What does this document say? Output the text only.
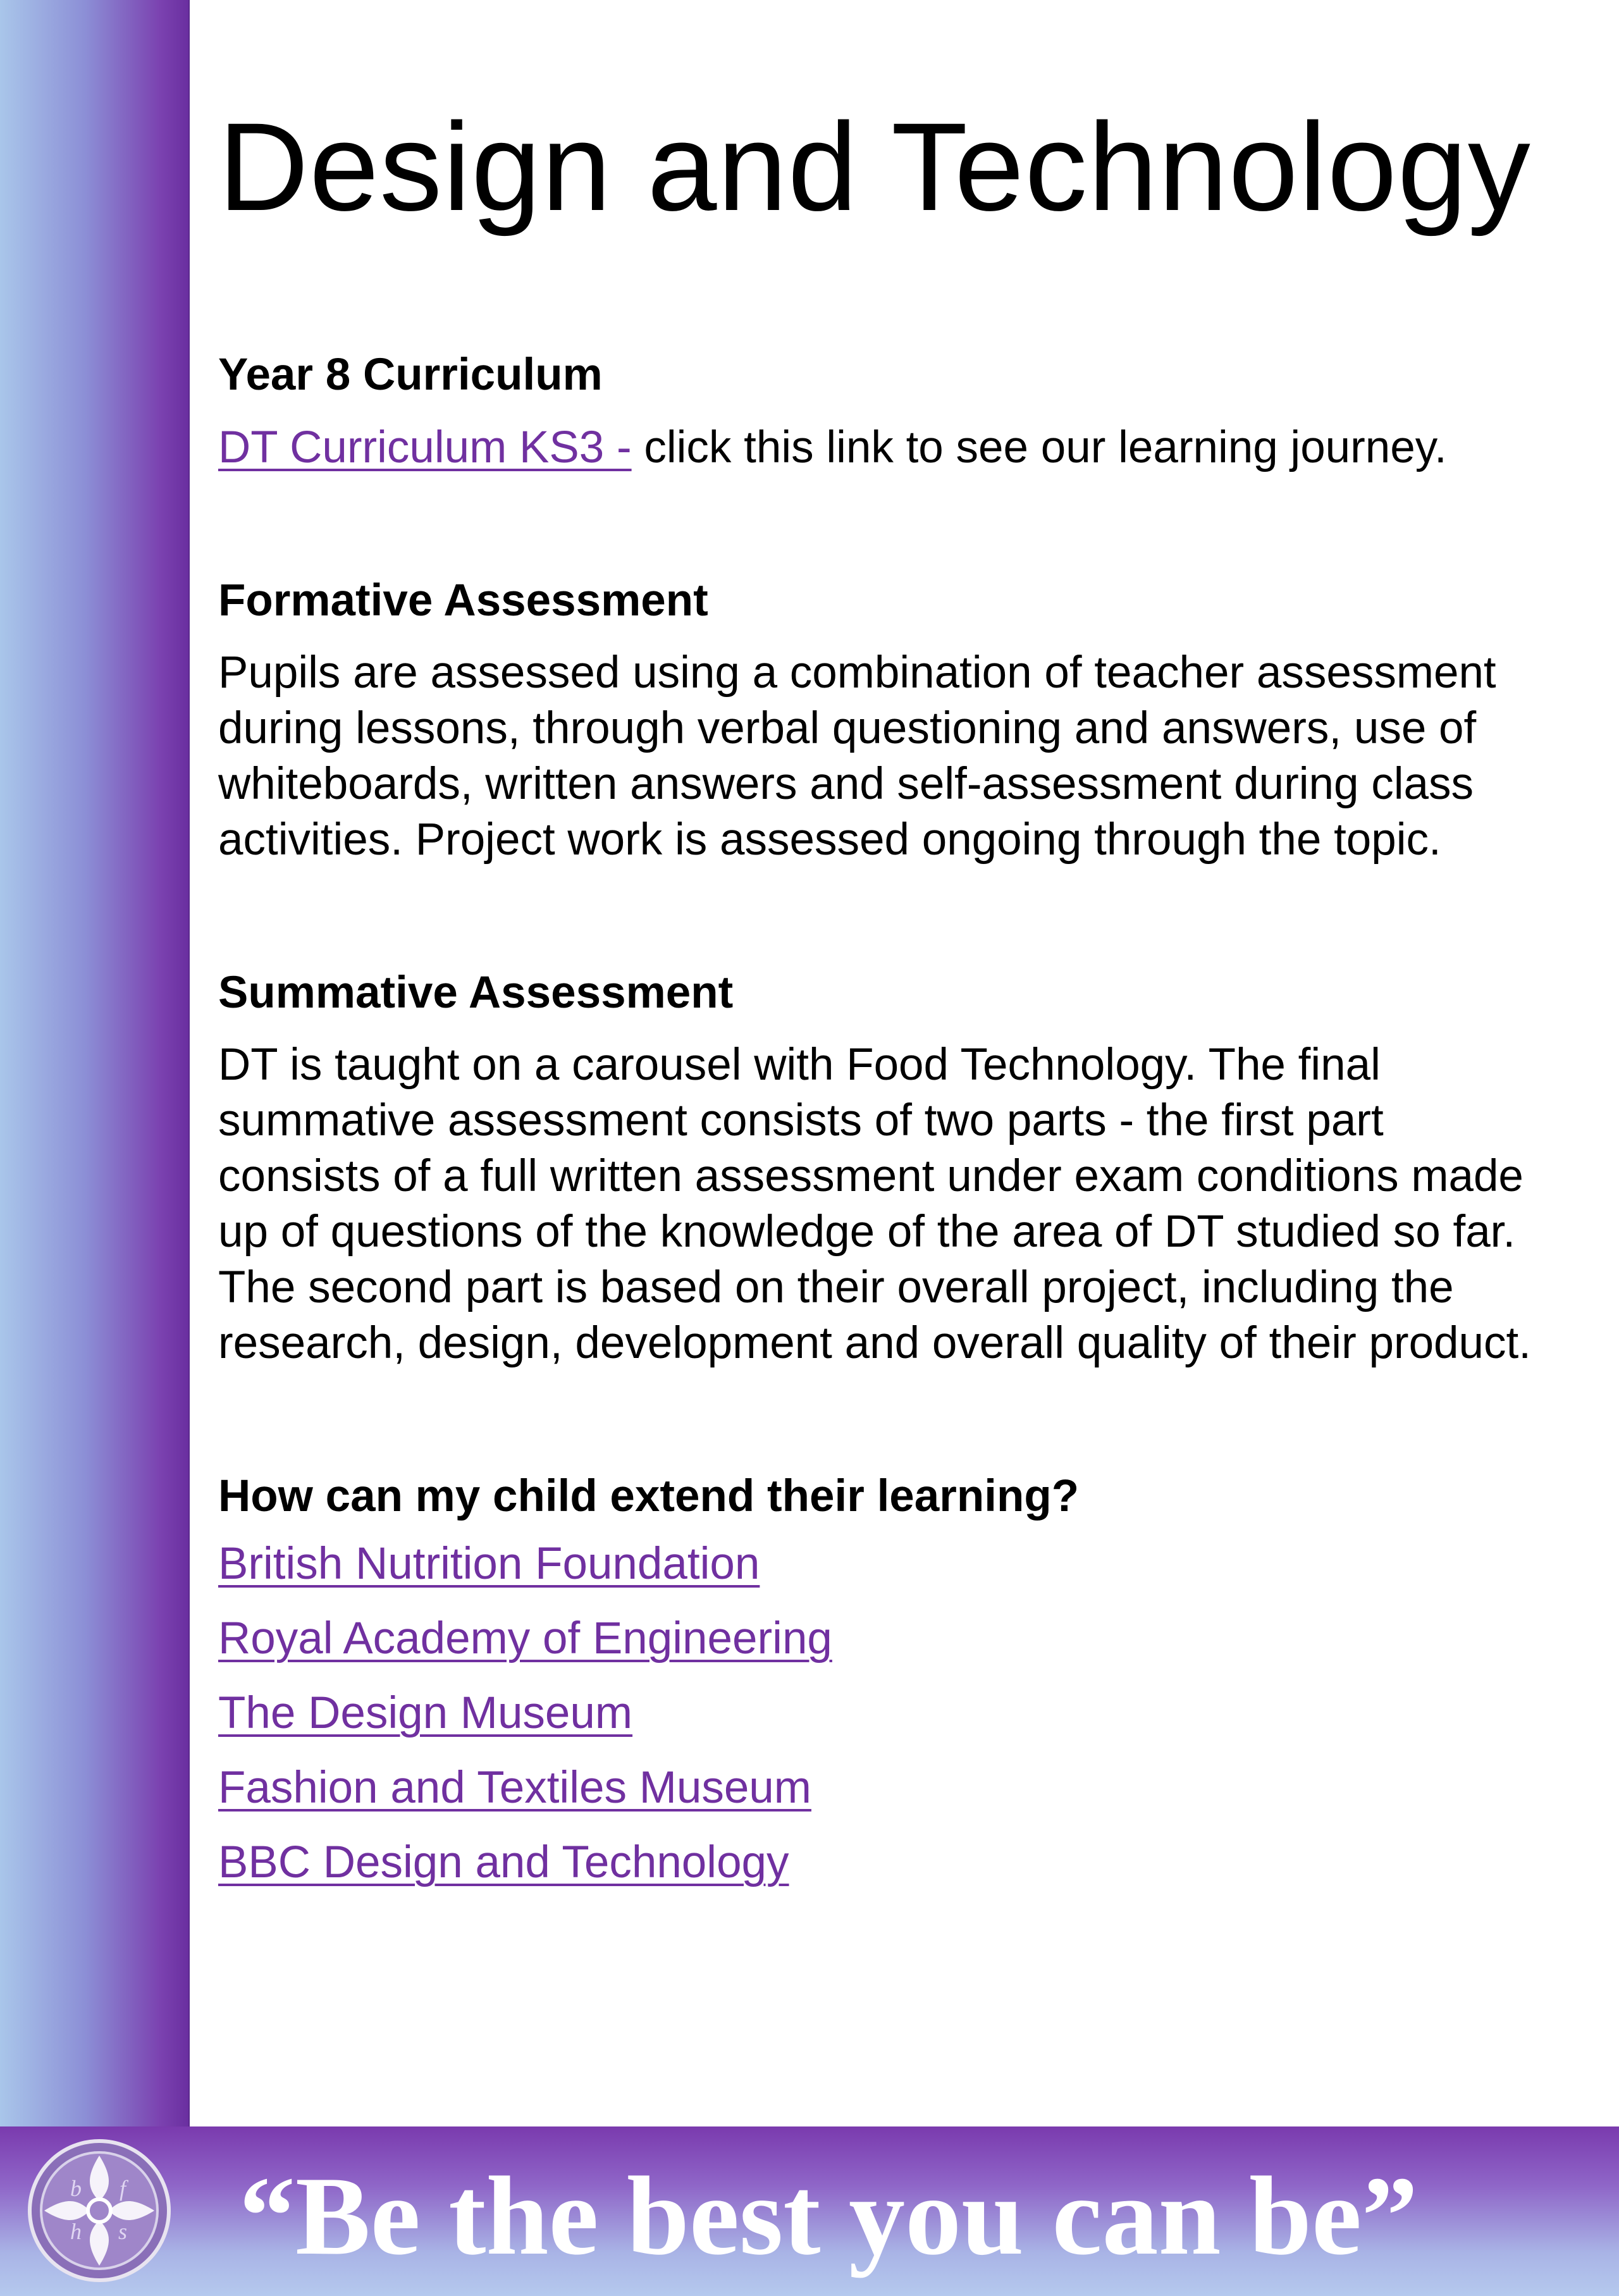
Design and Technology
Year 8 Curriculum
DT Curriculum KS3 - click this link to see our learning journey.
Formative Assessment

Pupils are assessed using a combination of teacher assessment
during lessons, through verbal questioning and answers, use of
whiteboards, written answers and self-assessment during class
activities. Project work is assessed ongoing through the topic.

Summative Assessment

DT is taught on a carousel with Food Technology. The final
summative assessment consists of two parts - the first part
consists of a full written assessment under exam conditions made
up of questions of the knowledge of the area of DT studied so far.
The second part is based on their overall project, including the
research, design, development and overall quality of their product.

How can my child extend their learning?
British Nutrition Foundation
Royal Academy of Engineering
The Design Museum
Fashion and Textiles Museum
BBC Design and Technology
b f
h s “Be the best you can be”
